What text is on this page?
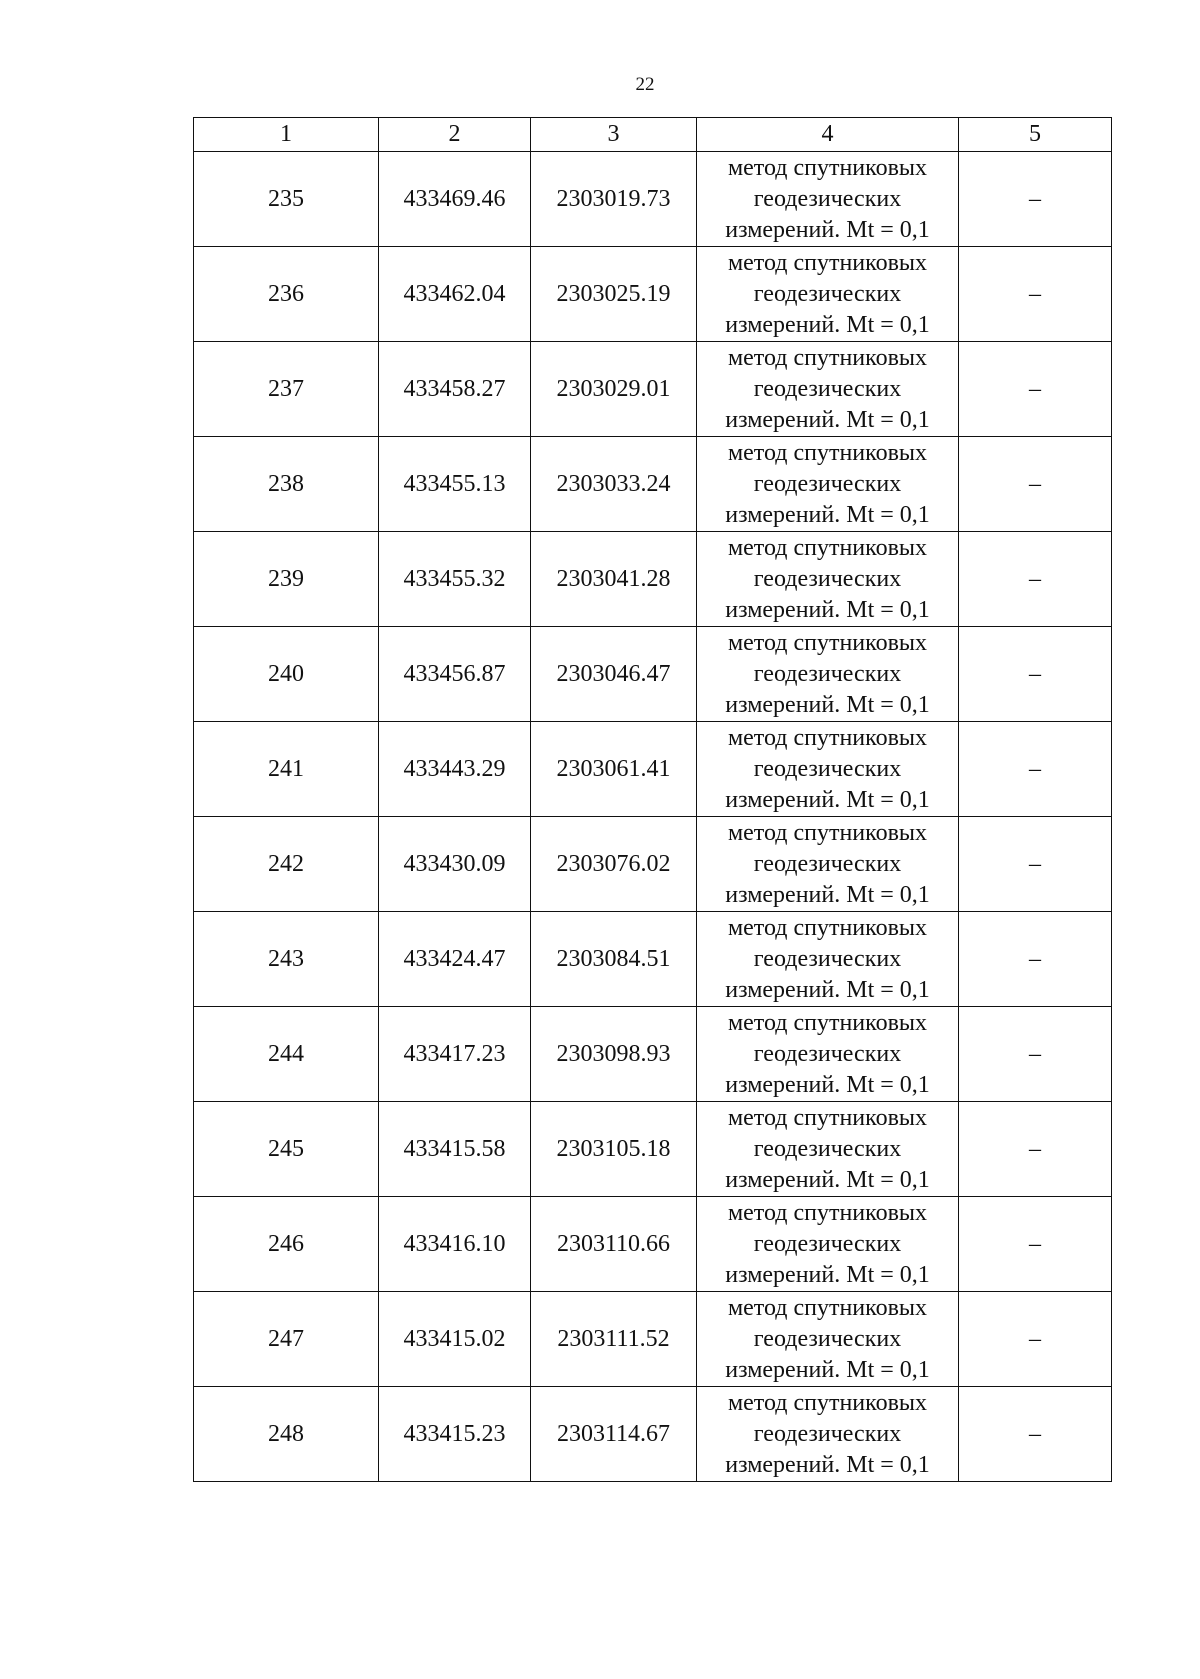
22
1	2	3	4	5
235	433469.46	2303019.73	метод спутниковых
геодезических
измерений. Mt = 0,1	–
236	433462.04	2303025.19	метод спутниковых
геодезических
измерений. Mt = 0,1	–
237	433458.27	2303029.01	метод спутниковых
геодезических
измерений. Mt = 0,1	–
238	433455.13	2303033.24	метод спутниковых
геодезических
измерений. Mt = 0,1	–
239	433455.32	2303041.28	метод спутниковых
геодезических
измерений. Mt = 0,1	–
240	433456.87	2303046.47	метод спутниковых
геодезических
измерений. Mt = 0,1	–
241	433443.29	2303061.41	метод спутниковых
геодезических
измерений. Mt = 0,1	–
242	433430.09	2303076.02	метод спутниковых
геодезических
измерений. Mt = 0,1	–
243	433424.47	2303084.51	метод спутниковых
геодезических
измерений. Mt = 0,1	–
244	433417.23	2303098.93	метод спутниковых
геодезических
измерений. Mt = 0,1	–
245	433415.58	2303105.18	метод спутниковых
геодезических
измерений. Mt = 0,1	–
246	433416.10	2303110.66	метод спутниковых
геодезических
измерений. Mt = 0,1	–
247	433415.02	2303111.52	метод спутниковых
геодезических
измерений. Mt = 0,1	–
248	433415.23	2303114.67	метод спутниковых
геодезических
измерений. Mt = 0,1	–
